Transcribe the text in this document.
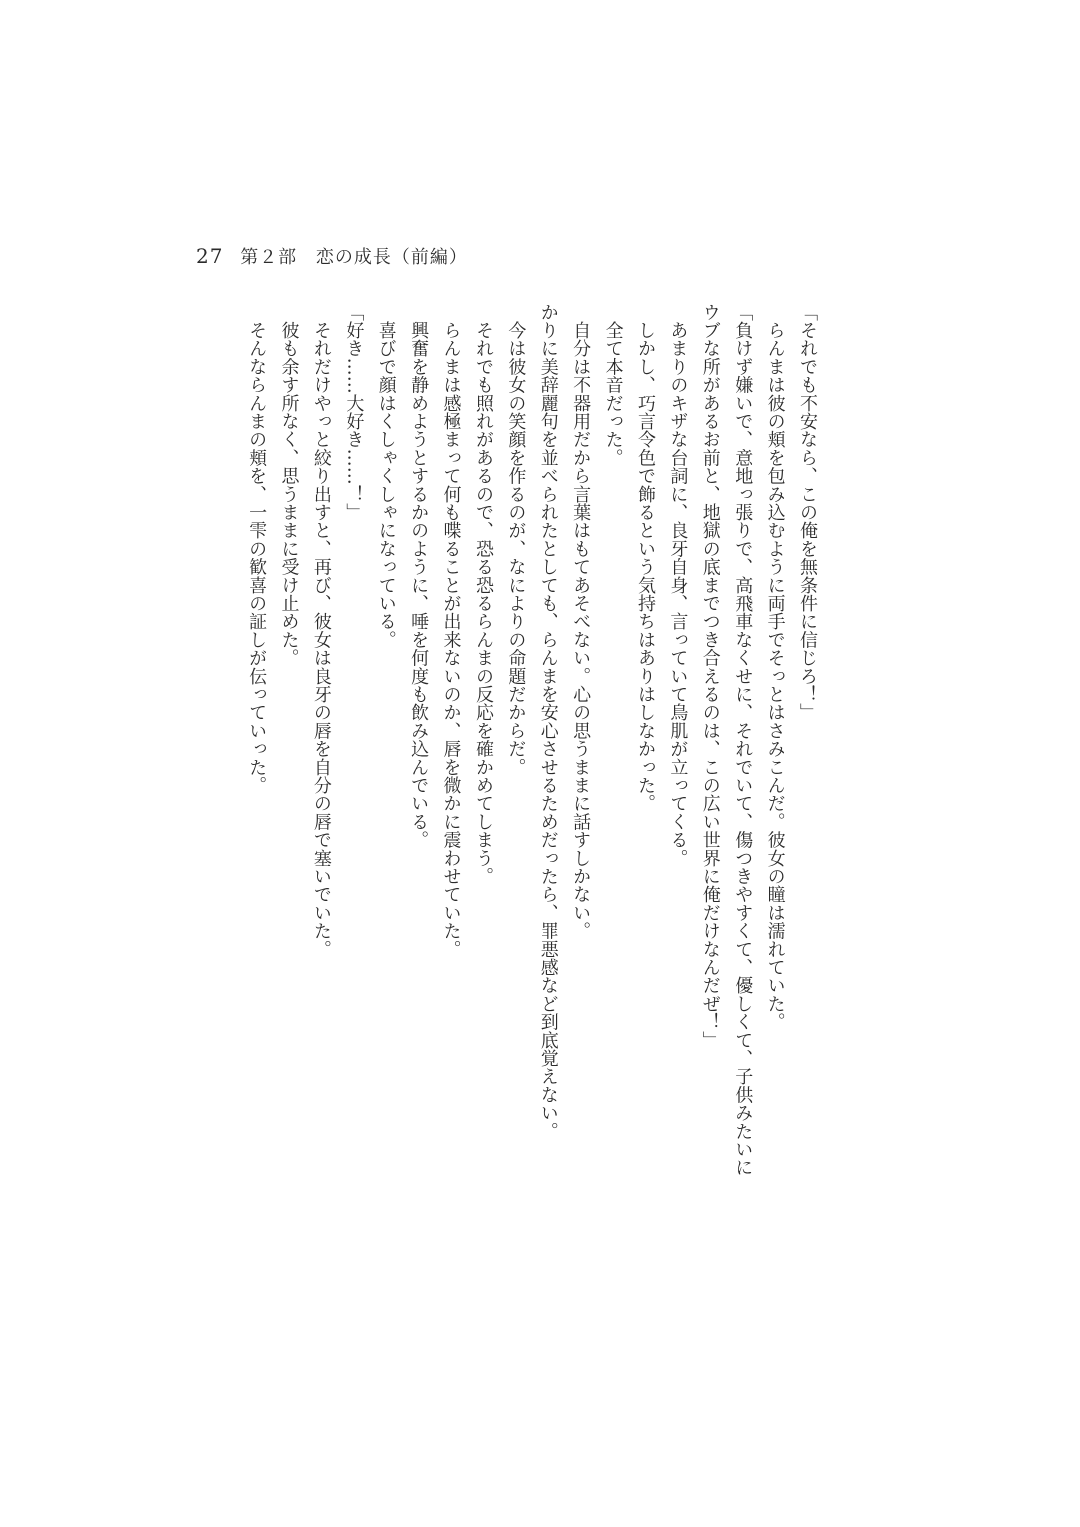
27 第２部 恋の成長（前編）
「それでも不安なら、この俺を無条件に信じろ！」
　らんまは彼の頬を包み込むように両手でそっとはさみこんだ。彼女の瞳は濡れていた。
「負けず嫌いで、意地っ張りで、高飛車なくせに、それでいて、傷つきやすくて、優しくて、子供みたいに
ウブな所があるお前と、地獄の底までつき合えるのは、この広い世界に俺だけなんだぜ！」
　あまりのキザな台詞に、良牙自身、言っていて鳥肌が立ってくる。
　しかし、巧言令色で飾るという気持ちはありはしなかった。
　全て本音だった。
　自分は不器用だから言葉はもてあそべない。心の思うままに話すしかない。
かりに美辞麗句を並べられたとしても、らんまを安心させるためだったら、罪悪感など到底覚えない。
　今は彼女の笑顔を作るのが、なによりの命題だからだ。
　それでも照れがあるので、恐る恐るらんまの反応を確かめてしまう。
　らんまは感極まって何も喋ることが出来ないのか、唇を微かに震わせていた。
　興奮を静めようとするかのように、唾を何度も飲み込んでいる。
　喜びで顔はくしゃくしゃになっている。
「好き……大好き……！」
　それだけやっと絞り出すと、再び、彼女は良牙の唇を自分の唇で塞いでいた。
　彼も余す所なく、思うままに受け止めた。
　そんならんまの頬を、一雫の歓喜の証しが伝っていった。
